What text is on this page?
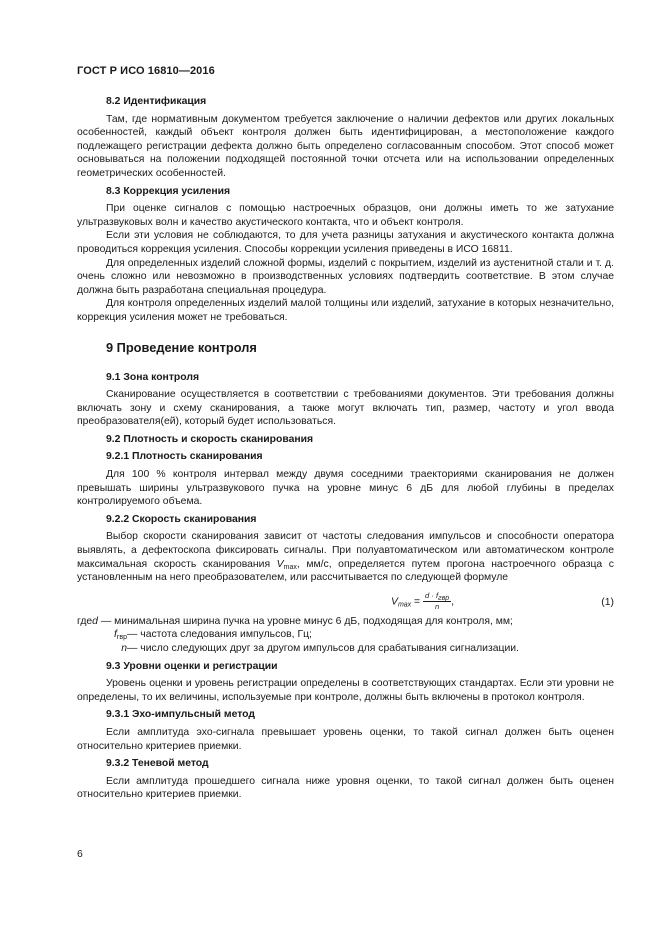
ГОСТ Р ИСО 16810—2016
8.2 Идентификация

Там, где нормативным документом требуется заключение о наличии дефектов или других локальных особенностей, каждый объект контроля должен быть идентифицирован, а местоположение каждого подлежащего регистрации дефекта должно быть определено согласованным способом. Этот способ может основываться на положении подходящей постоянной точки отсчета или на использовании определенных геометрических особенностей.

8.3 Коррекция усиления

При оценке сигналов с помощью настроечных образцов, они должны иметь то же затухание ультразвуковых волн и качество акустического контакта, что и объект контроля.

Если эти условия не соблюдаются, то для учета разницы затухания и акустического контакта должна проводиться коррекция усиления. Способы коррекции усиления приведены в ИСО 16811.

Для определенных изделий сложной формы, изделий с покрытием, изделий из аустенитной стали и т. д. очень сложно или невозможно в производственных условиях подтвердить соответствие. В этом случае должна быть разработана специальная процедура.

Для контроля определенных изделий малой толщины или изделий, затухание в которых незначительно, коррекция усиления может не требоваться.

9 Проведение контроля
9.1 Зона контроля

Сканирование осуществляется в соответствии с требованиями документов. Эти требования должны включать зону и схему сканирования, а также могут включать тип, размер, частоту и угол ввода преобразователя(ей), который будет использоваться.

9.2 Плотность и скорость сканирования
9.2.1 Плотность сканирования

Для 100 % контроля интервал между двумя соседними траекториями сканирования не должен превышать ширины ультразвукового пучка на уровне минус 6 дБ для любой глубины в пределах контролируемого объема.

9.2.2 Скорость сканирования

Выбор скорости сканирования зависит от частоты следования импульсов и способности оператора выявлять, а дефектоскопа фиксировать сигналы. При полуавтоматическом или автоматическом контроле максимальная скорость сканирования $V_{max}$, мм/с, определяется путем прогона настроечного образца с установленным на него преобразователем, или рассчитывается по следующей формуле

$V_{max} = \frac{d \cdot f_{гвр}}{n}$ ,	(1)
где d — минимальная ширина пучка на уровне минус 6 дБ, подходящая для контроля, мм;
$f_{гвр}$ — частота следования импульсов, Гц;
n — число следующих друг за другом импульсов для срабатывания сигнализации.
9.3 Уровни оценки и регистрации

Уровень оценки и уровень регистрации определены в соответствующих стандартах. Если эти уровни не определены, то их величины, используемые при контроле, должны быть включены в протокол контроля.

9.3.1 Эхо-импульсный метод

Если амплитуда эхо-сигнала превышает уровень оценки, то такой сигнал должен быть оценен относительно критериев приемки.

9.3.2 Теневой метод

Если амплитуда прошедшего сигнала ниже уровня оценки, то такой сигнал должен быть оценен относительно критериев приемки.

6
